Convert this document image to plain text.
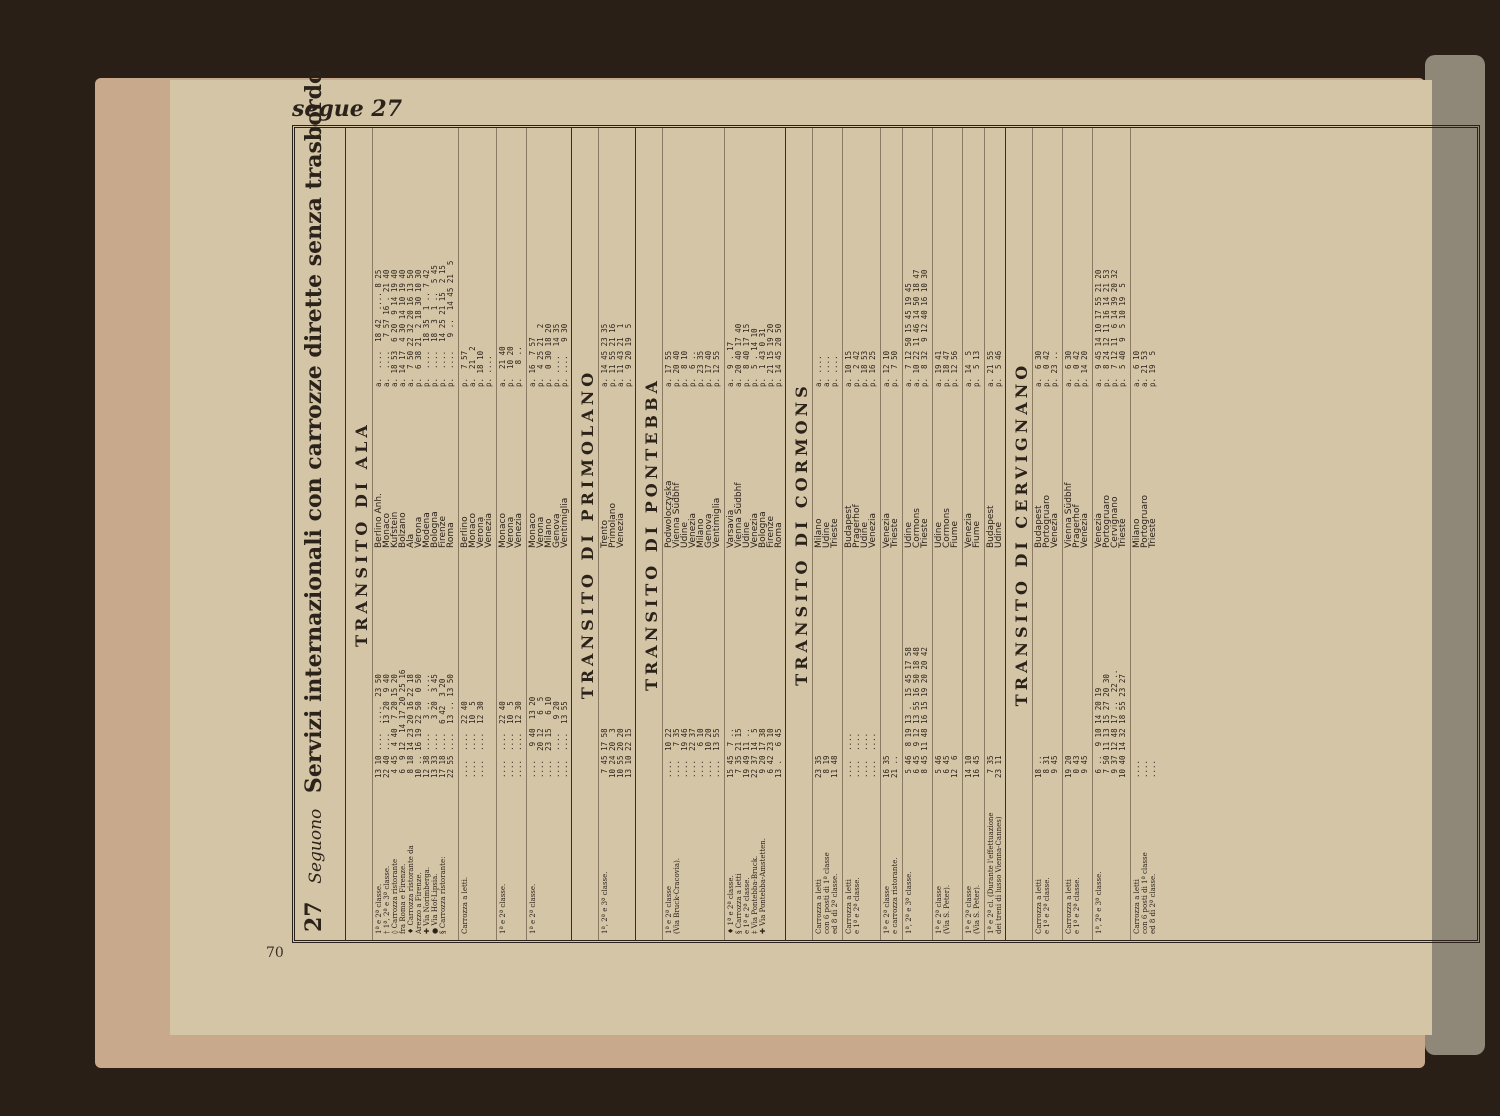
segue 27
70
27 Seguono Servizi internazionali con carrozze dirette senza trasbordo	TRANSITO DI ALA
1ª e 2ª classe. † 1ª, 2ª e 3ª classe. ◊ Carrozza ristorante fra Roma e Firenze. ♦ Carrozza ristorante da Arezzo a Firenze. ✚ Via Norimberga. ● Via Hof-Lipsia. § Carrozza ristorante:
13 10 ....  ....  23 50 22 40 ....  13 20  9 40 4 45  4 40  7 20 15 20 6  9 12  14 17 20 25 16 8 18 14 23 20 16 22 18 10 .. 16 19 22 50  0 50 12 38 ....   3 ..  .... 13 33 ....   3 20  3 45 17 18 ....  6 42  3 20 22 55 ....  13 .. 13 50
Berlino Anh.
Monaco
Kufstein
Bolzano
Ala
Verona
Modena
Bologna
Firenze
Roma
a.  ....  18 42  .... 8 25 a.  ....   7 57 16 . 21 40 a. 18 53  6 20  9 14 19 40 a. 14 17  4 30 14 10 19 40 a.  7 50 22 32 20 16 13 50 p.  6 38 21  2 18 30 10 30 p.  ....  18 35  1 .. 7 42 p.  ....  18  3  1 ..  5 45 p.  ....  14 25 21 15  2 15 p.  ....   9 ..  14 45 21  5
Carrozza a letti.
....  ....  22 40 ....  ....  10  5 ....  ....  12 30
Berlino
Monaco
Verona
Venezia
p.  7 57 a.  21  2 p. 18 10 p. ....
1ª e 2ª classe.
....  ....  22 40 ....  ....  10  5 ....  ....  12 30
Monaco
Verona
Venezia
a.  21 40 p.  10 20 p.   8 ..
1ª e 2ª classe.
....   9 40  13 20 ....  20 12   6  5 ....  23 15   6 10 ....  ....   9 20 ....  ....  13 55
Monaco
Verona
Milano
Genova
Ventimiglia
a. 16  7 57 p.  4 25 21  2 p.  0 30 18 20 p. ....  14 35 p. ....   9 30
TRANSITO DI PRIMOLANO
1ª, 2ª e 3ª classe.
7 45 17 58 10 24 20  3 10 55 20 20 13 10 22 15
Trento
Primolano
Venezia
a. 14 45 23 35 p. 11 55 21 16 a. 11 43 21  1 p.  9 20 19  5
TRANSITO DI PONTEBBA
1ª e 2ª classe (Via Bruck-Cracovia).
....  10 22 ....   7 35 ....  19 46 ....  22 37 ....   6 10 ....  10 20 ....  13 55
Podwoloczyska
Vienna Südbhf
Udine
Venezia
Milano
Genova
Ventimiglia
a. 17 55 p. 20 40 p.  8 10 p.  6 .. p. 23 35 p. 17 40 p. 12 55
♦ 1ª e 2ª classe. § Carrozza a letti e 1ª e 2ª classe. ‡ Via Pontebba-Bruck. ✚ Via Pontebba-Amstetten.
15 45  7 .. 7 35 21 15 19 49 11 .. 22 37 14  5 9 20 17 38 6 42 23 10 13 .   6 45
Varsavia
Vienna Südbhf
Udine
Venezia
Bologna
Firenze
Roma
a.  9 . 17 a. 20 40 17 40 p.  8 40 17 15 p.  5 . 14 10 p.  1 43 0 31 p. 21 15 19 20 p. 14 45 20 50
TRANSITO DI CORMONS
Carrozza a letti con 6 posti di 1ª classe ed 8 di 2ª classe.
23 35 8 19 11 48
Milano
Udine
Trieste
a. .... a. .... p. ....
Carrozza a letti e 1ª e 2ª classe.
....  .... ....  .... ....  .... ....  ....
Budapest
Pragerhof
Udine
Venezia
a. 10 15 p.  2 42 p. 18 53 p. 16 25
1ª e 2ª classe e carrozza ristorante.
16 35 21 ..
Venezia
Trieste
a. 12 10 p.  7 50
1ª, 2ª e 3ª classe.
5 46  8 19 13 .  15 45 17 58 6 45  9 12 13 55 16 50 18 48 8 45 11 48 16 15 19 20 20 42
Udine
Cormons
Trieste
a.  7 12 50 15 45 19 45 a. 10 22 11 46 14 50 18 47 p.  8 32  9 12 40 16 10 30
1ª e 2ª classe (Via S. Peter).
5 46 6 45 12  6
Udine
Cormons
Fiume
a. 19 41 p. 18 47 p. 12 56
1ª e 2ª classe (Via S. Peter).
14 10 16 45
Venezia
Fiume
a. 14  5 p.  5 13
1ª e 2ª cl. (Durante l'effettuazione dei treni di lusso Vienna-Cannes)
7 35 23 11
Budapest
Udine
a. 21 55 p.  5 46 TRANSITO DI CERVIGNANO
Carrozza a letti e 1ª e 2ª classe.
18 .. 8 31 9 45
Budapest
Portogruaro
Venezia
a.  6 30 p.  0 42 p. 23 ..
Carrozza a letti e 1ª e 2ª classe.
19 20 0 43 9 45
Vienna Südbhf
Pragerhof
Venezia
a.  6 30 p.  0 42 p. 14 20
1ª, 2ª e 3ª classe.
6 ..  9 10 14 20 19 7 50 11 13 15 27 20 30 9 37 12 48 17 ..  22 .. 10 40 14 32 18 55 23 27
Venezia
Portogruaro
Cervignano
Trieste
a.  9 45 14 10 17 55 21 20 p.  8 24 12 11 16 14 21 53 p.  7 12 11  6 14 39 20 32 p.  5 40  9  5 10 19  5
Carrozza a letti con 6 posti di 1ª classe ed 8 di 2ª classe.
.... .... ....
Milano
Portogruaro
Trieste
a.  6 10 a. 21 53 p. 19  5
